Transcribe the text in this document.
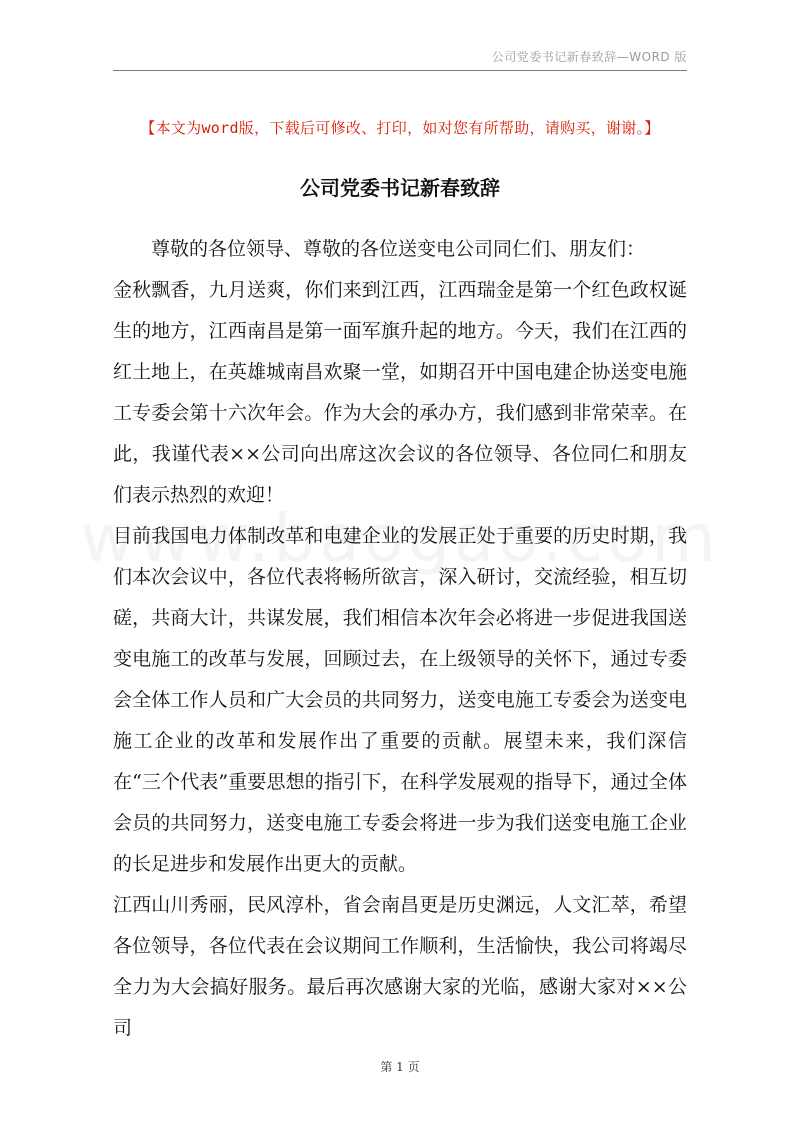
公司党委书记新春致辞—WORD 版
【本文为word版，下载后可修改、打印，如对您有所帮助，请购买，谢谢。】
公司党委书记新春致辞

尊敬的各位领导、尊敬的各位送变电公司同仁们、朋友们：

金秋飘香，九月送爽，你们来到江西，江西瑞金是第一个红色政权诞生的地方，江西南昌是第一面军旗升起的地方。今天，我们在江西的红土地上，在英雄城南昌欢聚一堂，如期召开中国电建企协送变电施工专委会第十六次年会。作为大会的承办方，我们感到非常荣幸。在此，我谨代表××公司向出席这次会议的各位领导、各位同仁和朋友们表示热烈的欢迎！

目前我国电力体制改革和电建企业的发展正处于重要的历史时期，我们本次会议中，各位代表将畅所欲言，深入研讨，交流经验，相互切磋，共商大计，共谋发展，我们相信本次年会必将进一步促进我国送变电施工的改革与发展，回顾过去，在上级领导的关怀下，通过专委会全体工作人员和广大会员的共同努力，送变电施工专委会为送变电施工企业的改革和发展作出了重要的贡献。展望未来，我们深信在“三个代表”重要思想的指引下，在科学发展观的指导下，通过全体会员的共同努力，送变电施工专委会将进一步为我们送变电施工企业的长足进步和发展作出更大的贡献。

江西山川秀丽，民风淳朴，省会南昌更是历史渊远，人文汇萃，希望各位领导，各位代表在会议期间工作顺利，生活愉快，我公司将竭尽全力为大会搞好服务。最后再次感谢大家的光临，感谢大家对××公司

第 1 页
